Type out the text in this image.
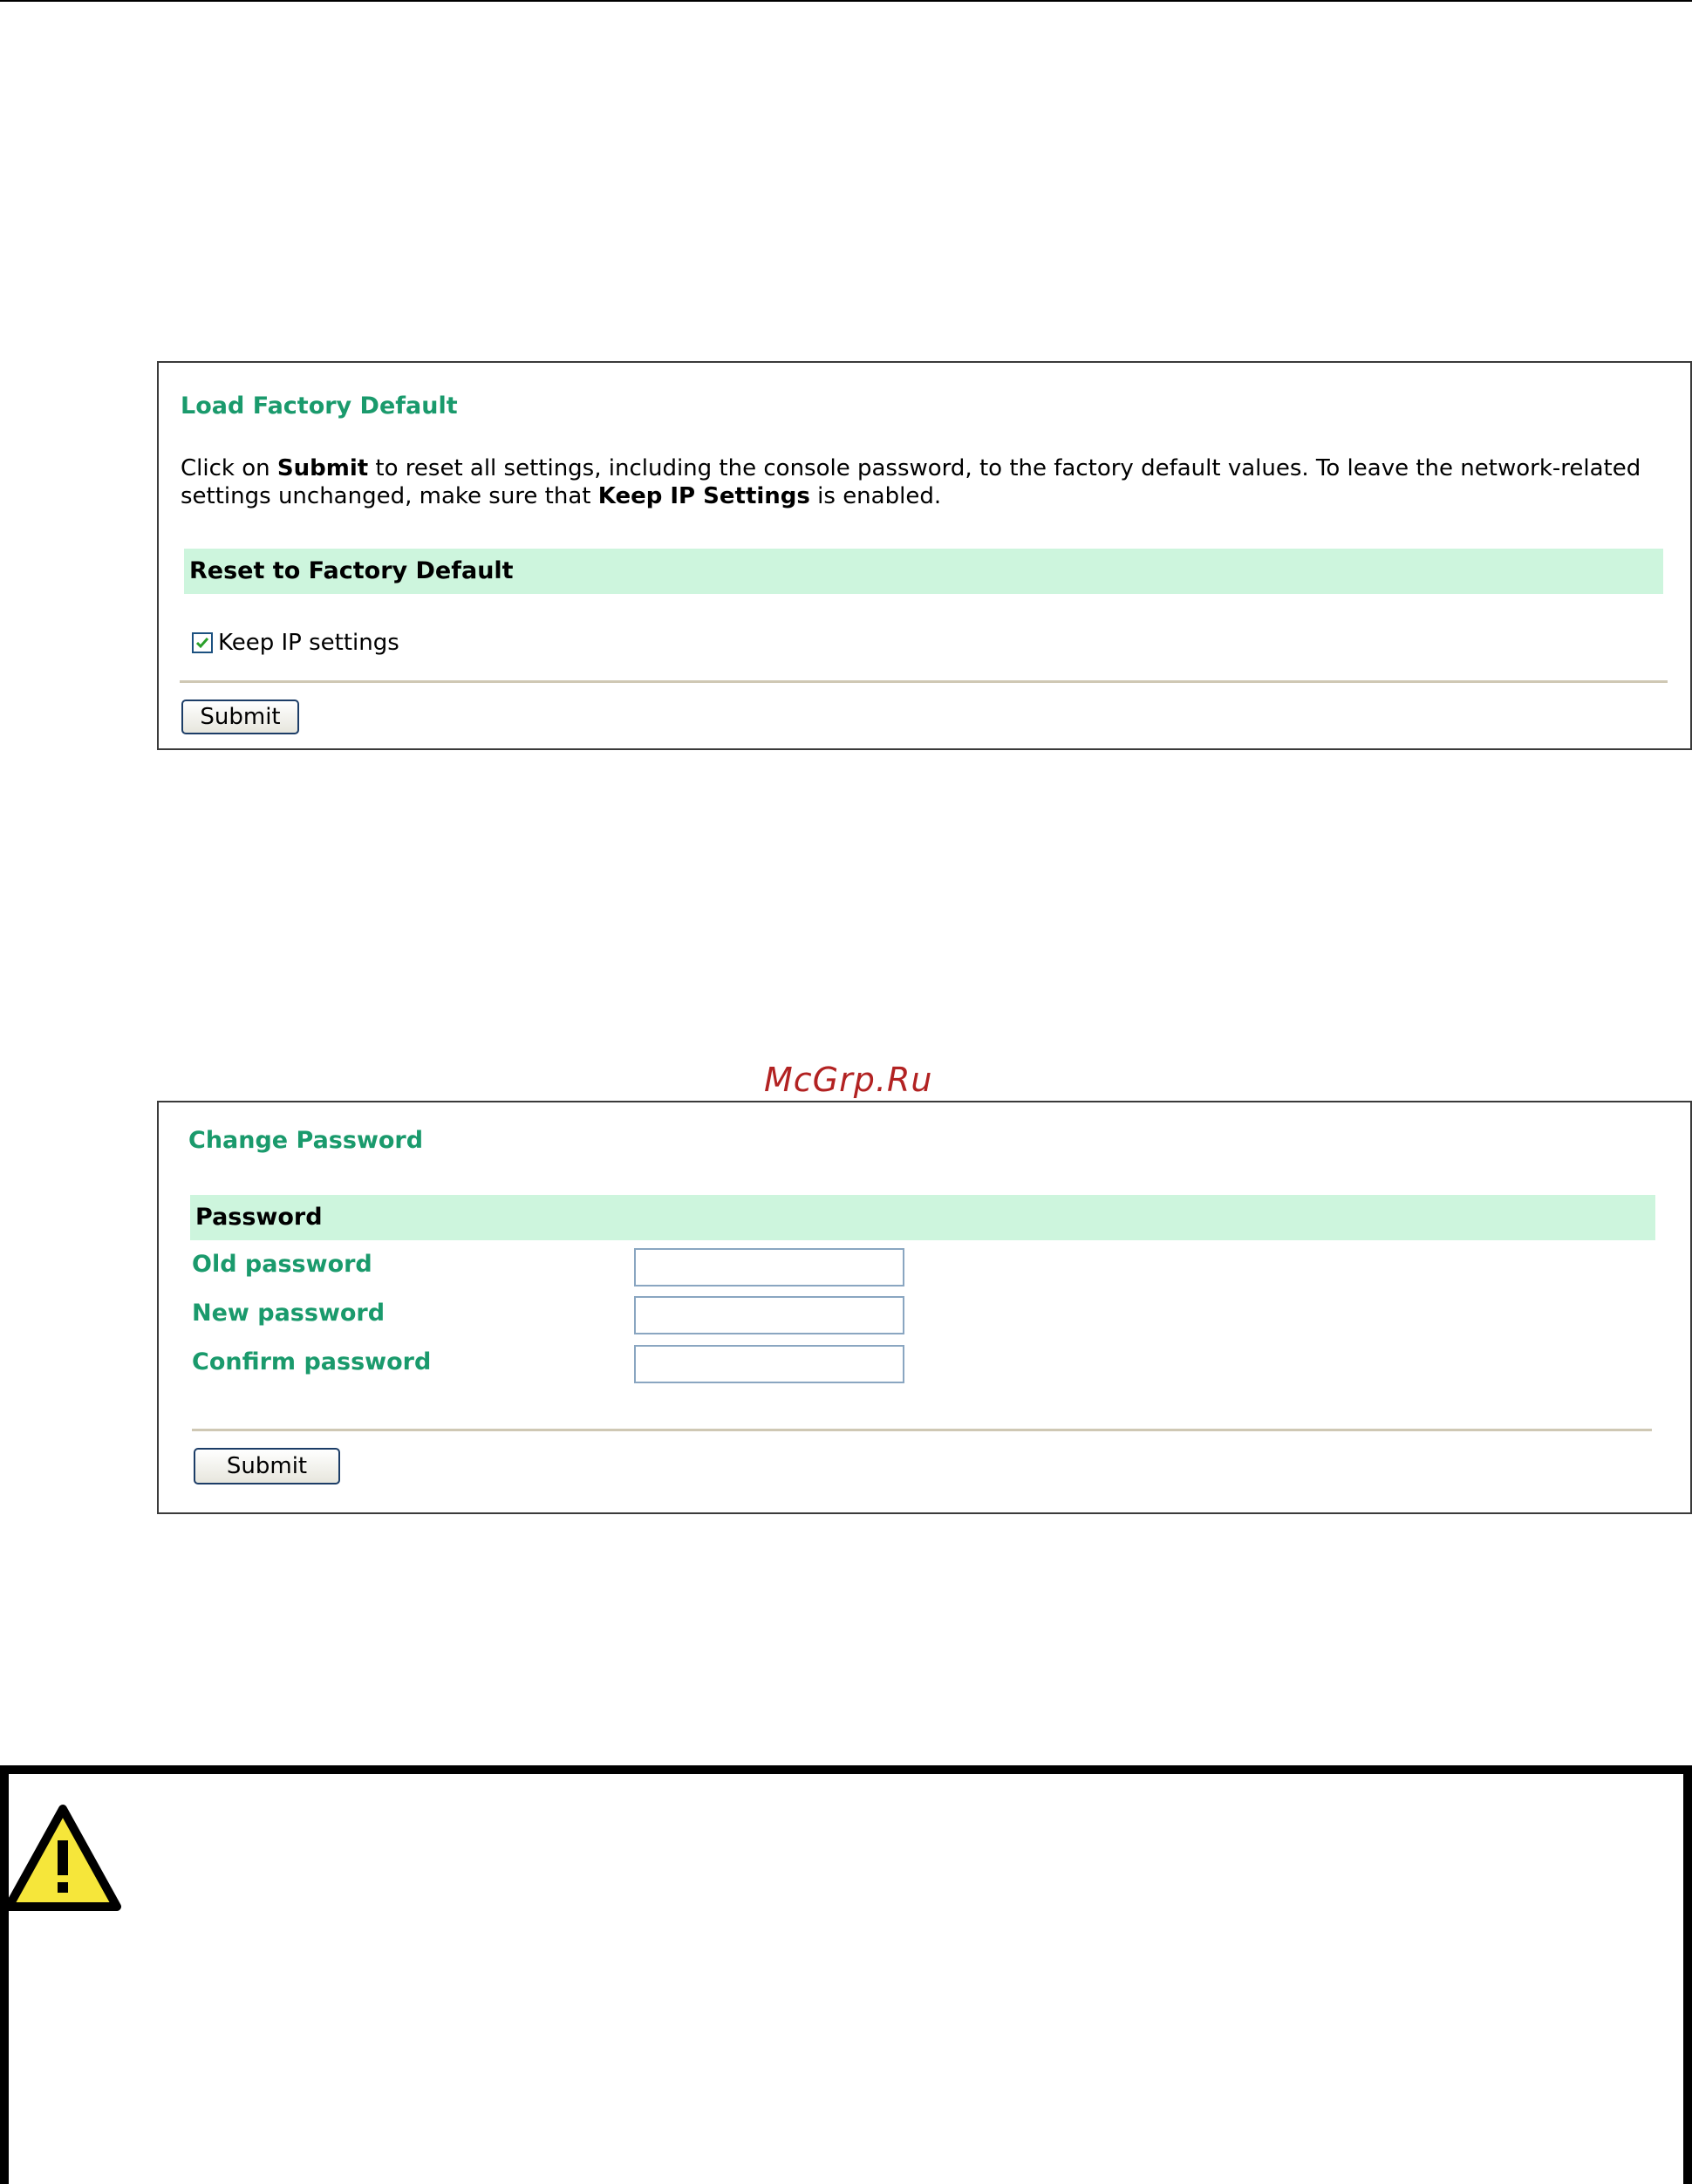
Load Factory Default
Click on Submit to reset all settings, including the console password, to the factory default values. To leave the network-related settings unchanged, make sure that Keep IP Settings is enabled.
Reset to Factory Default
Keep IP settings
Submit
McGrp.Ru
Change Password
Password
Old password
New password
Confirm password
Submit
